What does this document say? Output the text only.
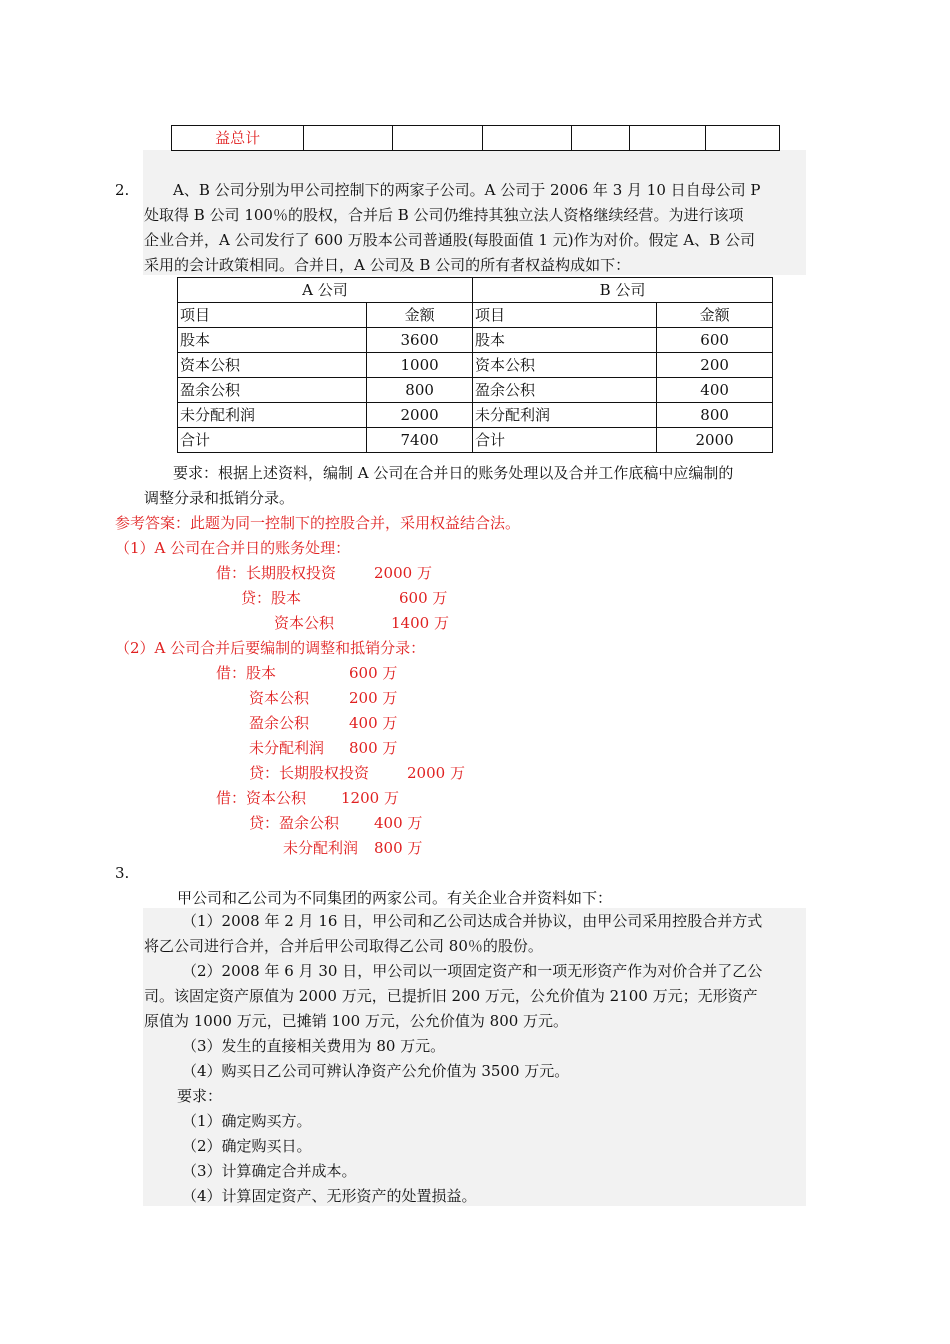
益总计						
2.	A、B 公司分别为甲公司控制下的两家子公司。A 公司于 2006 年 3 月 10 日自母公司 P
处取得 B 公司 100％的股权，合并后 B 公司仍维持其独立法人资格继续经营。为进行该项
企业合并，A 公司发行了 600 万股本公司普通股(每股面值 1 元)作为对价。假定 A、B 公司
采用的会计政策相同。合并日，A 公司及 B 公司的所有者权益构成如下：
A 公司		B 公司	
项目	金额	项目	金额
股本	3600	股本	600
资本公积	1000	资本公积	200
盈余公积	800	盈余公积	400
未分配利润	2000	未分配利润	800
合计	7400	合计	2000
要求：根据上述资料，编制 A 公司在合并日的账务处理以及合并工作底稿中应编制的
调整分录和抵销分录。
参考答案：此题为同一控制下的控股合并，采用权益结合法。
（1）A 公司在合并日的账务处理：
借：长期股权投资	2000 万
贷：股本	600 万
资本公积	1400 万
（2）A 公司合并后要编制的调整和抵销分录：
借：股本	600 万
资本公积	200 万
盈余公积	400 万
未分配利润 800 万
贷：长期股权投资	2000 万
借：资本公积 1200 万
贷：盈余公积 400 万
未分配利润 800 万
3.
甲公司和乙公司为不同集团的两家公司。有关企业合并资料如下：
（1）2008 年 2 月 16 日，甲公司和乙公司达成合并协议，由甲公司采用控股合并方式
将乙公司进行合并，合并后甲公司取得乙公司 80％的股份。
（2）2008 年 6 月 30 日，甲公司以一项固定资产和一项无形资产作为对价合并了乙公
司。该固定资产原值为 2000 万元，已提折旧 200 万元，公允价值为 2100 万元；无形资产
原值为 1000 万元，已摊销 100 万元，公允价值为 800 万元。
（3）发生的直接相关费用为 80 万元。
（4）购买日乙公司可辨认净资产公允价值为 3500 万元。
要求：
（1）确定购买方。
（2）确定购买日。
（3）计算确定合并成本。
（4）计算固定资产、无形资产的处置损益。
